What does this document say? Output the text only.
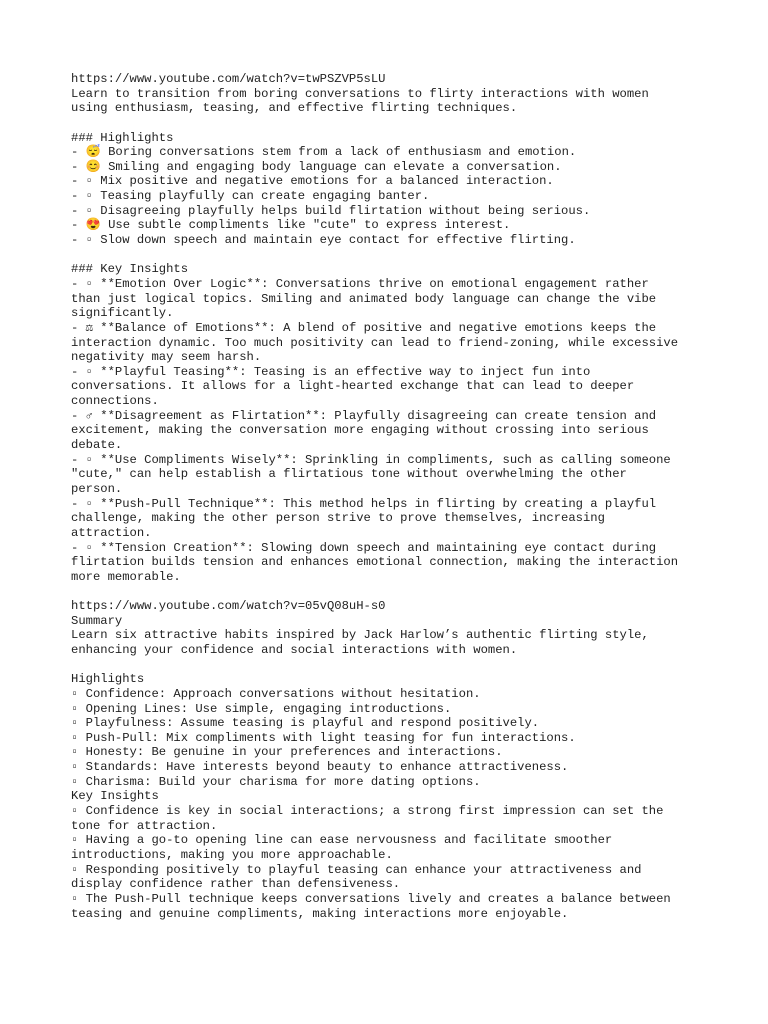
https://www.youtube.com/watch?v=twPSZVP5sLU
Learn to transition from boring conversations to flirty interactions with women
using enthusiasm, teasing, and effective flirting techniques.
### Highlights
- 😴 Boring conversations stem from a lack of enthusiasm and emotion.
- 😊 Smiling and engaging body language can elevate a conversation.
- ▫ Mix positive and negative emotions for a balanced interaction.
- ▫ Teasing playfully can create engaging banter.
- ▫ Disagreeing playfully helps build flirtation without being serious.
- 😍 Use subtle compliments like "cute" to express interest.
- ▫ Slow down speech and maintain eye contact for effective flirting.
### Key Insights
- ▫ **Emotion Over Logic**: Conversations thrive on emotional engagement rather
than just logical topics. Smiling and animated body language can change the vibe
significantly.
- ⚖ **Balance of Emotions**: A blend of positive and negative emotions keeps the
interaction dynamic. Too much positivity can lead to friend-zoning, while excessive
negativity may seem harsh.
- ▫ **Playful Teasing**: Teasing is an effective way to inject fun into
conversations. It allows for a light-hearted exchange that can lead to deeper
connections.
- ♂ **Disagreement as Flirtation**: Playfully disagreeing can create tension and
excitement, making the conversation more engaging without crossing into serious
debate.
- ▫ **Use Compliments Wisely**: Sprinkling in compliments, such as calling someone
"cute," can help establish a flirtatious tone without overwhelming the other
person.
- ▫ **Push-Pull Technique**: This method helps in flirting by creating a playful
challenge, making the other person strive to prove themselves, increasing
attraction.
- ▫ **Tension Creation**: Slowing down speech and maintaining eye contact during
flirtation builds tension and enhances emotional connection, making the interaction
more memorable.
https://www.youtube.com/watch?v=05vQ08uH-s0
Summary
Learn six attractive habits inspired by Jack Harlow’s authentic flirting style,
enhancing your confidence and social interactions with women.
Highlights
▫ Confidence: Approach conversations without hesitation.
▫ Opening Lines: Use simple, engaging introductions.
▫ Playfulness: Assume teasing is playful and respond positively.
▫ Push-Pull: Mix compliments with light teasing for fun interactions.
▫ Honesty: Be genuine in your preferences and interactions.
▫ Standards: Have interests beyond beauty to enhance attractiveness.
▫ Charisma: Build your charisma for more dating options.
Key Insights
▫ Confidence is key in social interactions; a strong first impression can set the
tone for attraction.
▫ Having a go-to opening line can ease nervousness and facilitate smoother
introductions, making you more approachable.
▫ Responding positively to playful teasing can enhance your attractiveness and
display confidence rather than defensiveness.
▫ The Push-Pull technique keeps conversations lively and creates a balance between
teasing and genuine compliments, making interactions more enjoyable.
